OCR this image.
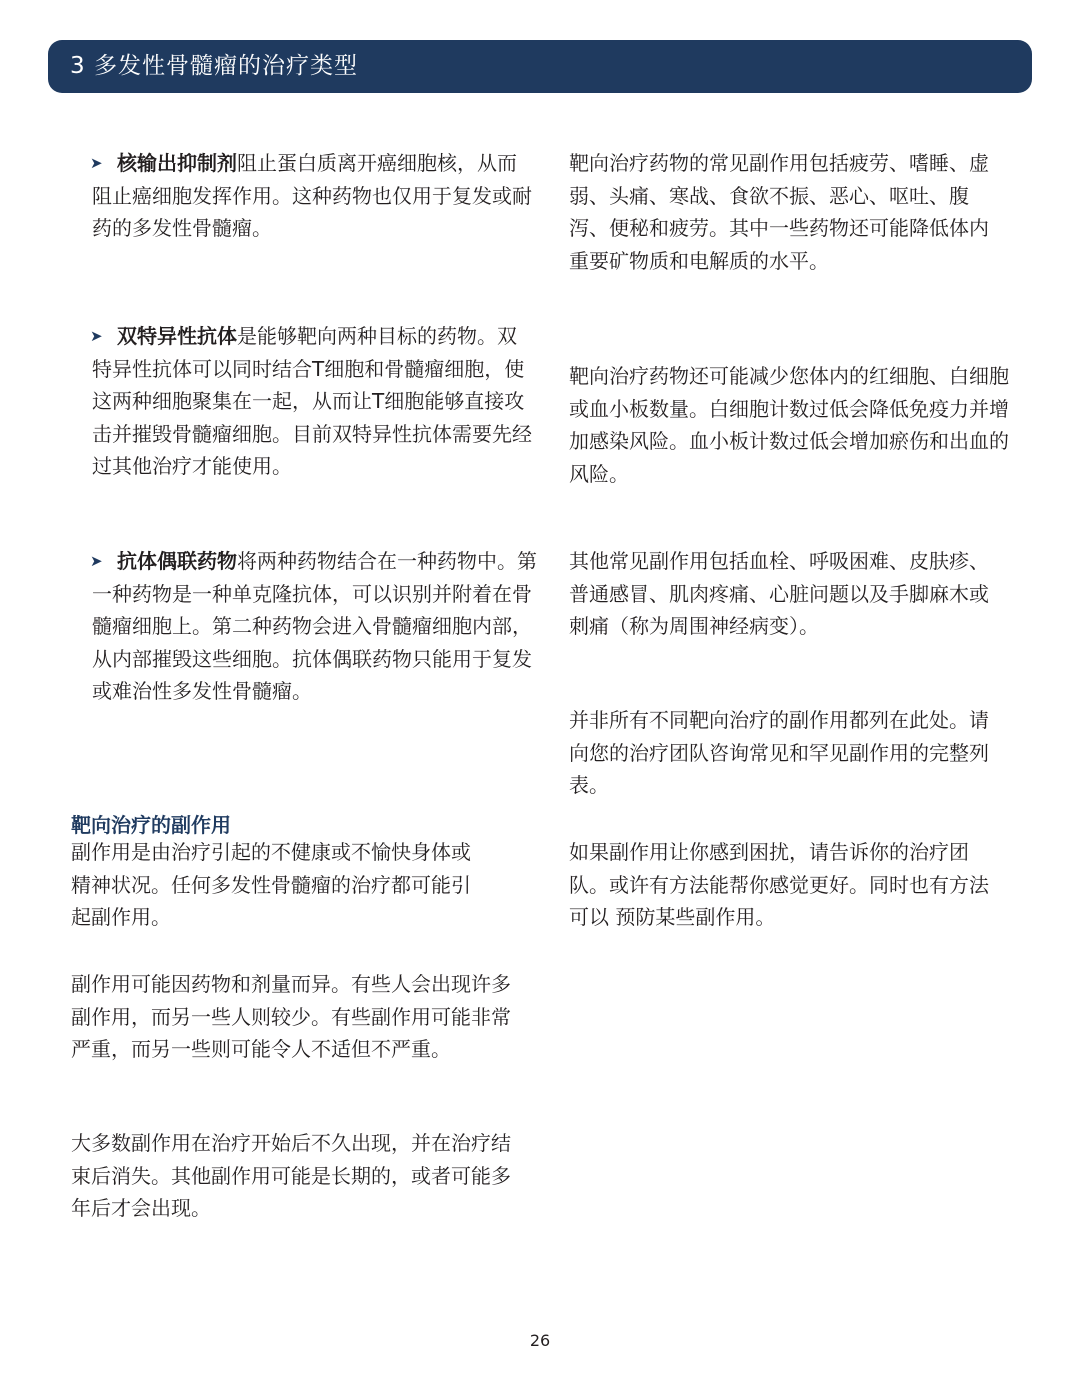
3 多发性骨髓瘤的治疗类型
➤ 核输出抑制剂阻止蛋白质离开癌细胞核，从而阻止癌细胞发挥作用。这种药物也仅用于复发或耐药的多发性骨髓瘤。

➤ 双特异性抗体是能够靶向两种目标的药物。双特异性抗体可以同时结合T细胞和骨髓瘤细胞，使这两种细胞聚集在一起，从而让T细胞能够直接攻击并摧毁骨髓瘤细胞。目前双特异性抗体需要先经过其他治疗才能使用。

➤ 抗体偶联药物将两种药物结合在一种药物中。第一种药物是一种单克隆抗体，可以识别并附着在骨髓瘤细胞上。第二种药物会进入骨髓瘤细胞内部，从内部摧毁这些细胞。抗体偶联药物只能用于复发或难治性多发性骨髓瘤。

靶向治疗的副作用

副作用是由治疗引起的不健康或不愉快身体或精神状况。任何多发性骨髓瘤的治疗都可能引起副作用。

副作用可能因药物和剂量而异。有些人会出现许多副作用，而另一些人则较少。有些副作用可能非常严重，而另一些则可能令人不适但不严重。

大多数副作用在治疗开始后不久出现，并在治疗结束后消失。其他副作用可能是长期的，或者可能多年后才会出现。

靶向治疗药物的常见副作用包括疲劳、嗜睡、虚弱、头痛、寒战、食欲不振、恶心、呕吐、腹泻、便秘和疲劳。其中一些药物还可能降低体内重要矿物质和电解质的水平。

靶向治疗药物还可能减少您体内的红细胞、白细胞或血小板数量。白细胞计数过低会降低免疫力并增加感染风险。血小板计数过低会增加瘀伤和出血的风险。

其他常见副作用包括血栓、呼吸困难、皮肤疹、普通感冒、肌肉疼痛、心脏问题以及手脚麻木或刺痛（称为周围神经病变）。

并非所有不同靶向治疗的副作用都列在此处。请向您的治疗团队咨询常见和罕见副作用的完整列表。

如果副作用让你感到困扰，请告诉你的治疗团队。或许有方法能帮你感觉更好。同时也有方法可以 预防某些副作用。

26
